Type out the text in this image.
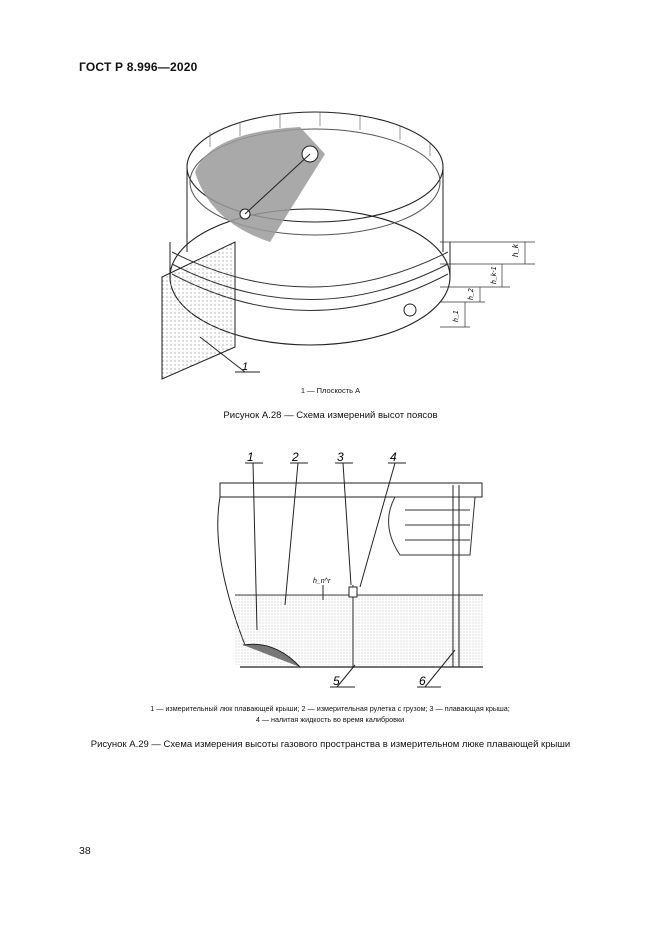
ГОСТ Р 8.996—2020
h_k
h_k-1
h_2
h_1
1
1 — Плоскость А
Рисунок А.28 — Схема измерений высот поясов
h_n^r
1	2	3	4
5	6
1 — измерительный люк плавающей крыши; 2 — измерительная рулетка с грузом; 3 — плавающая крыша;
4 — налитая жидкость во время калибровки
Рисунок А.29 — Схема измерения высоты газового пространства в измерительном люке плавающей крыши
38
